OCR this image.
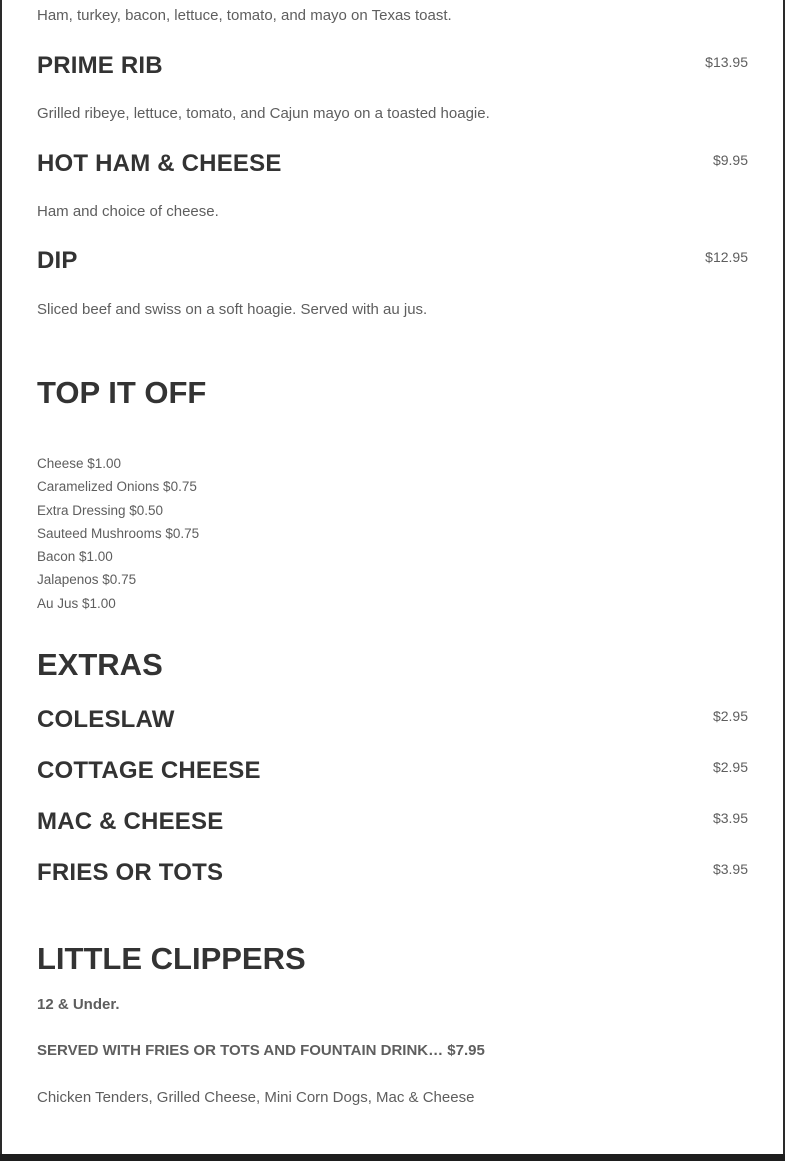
Ham, turkey, bacon, lettuce, tomato, and mayo on Texas toast.
PRIME RIB	$13.95
Grilled ribeye, lettuce, tomato, and Cajun mayo on a toasted hoagie.
HOT HAM & CHEESE	$9.95
Ham and choice of cheese.
DIP	$12.95
Sliced beef and swiss on a soft hoagie. Served with au jus.
TOP IT OFF
Cheese $1.00
Caramelized Onions $0.75
Extra Dressing $0.50
Sauteed Mushrooms $0.75
Bacon $1.00
Jalapenos $0.75
Au Jus $1.00
EXTRAS
COLESLAW	$2.95
COTTAGE CHEESE	$2.95
MAC & CHEESE	$3.95
FRIES OR TOTS	$3.95
LITTLE CLIPPERS
12 & Under.
SERVED WITH FRIES OR TOTS AND FOUNTAIN DRINK… $7.95
Chicken Tenders, Grilled Cheese, Mini Corn Dogs, Mac & Cheese
